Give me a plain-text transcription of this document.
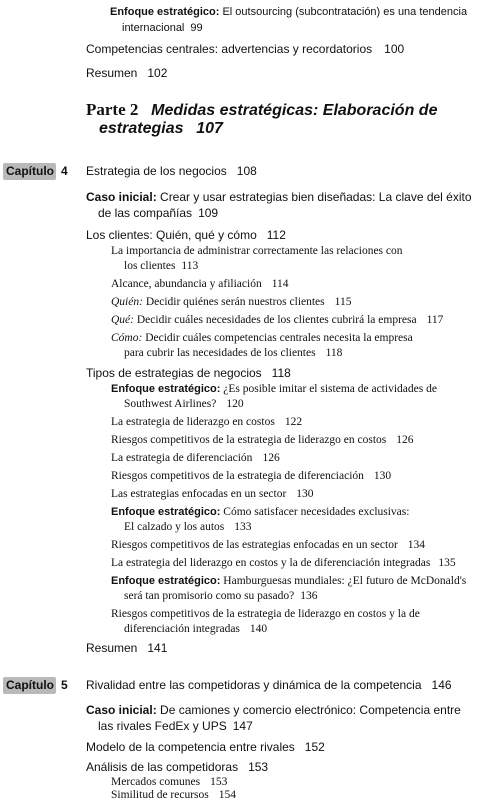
Enfoque estratégico: El outsourcing (subcontratación) es una tendencia
internacional 99
Competencias centrales: advertencias y recordatorios 100
Resumen 102
Parte 2 Medidas estratégicas: Elaboración de
estrategias 107
Capítulo 4 Estrategia de los negocios 108
Caso inicial: Crear y usar estrategias bien diseñadas: La clave del éxito
de las compañías 109
Los clientes: Quién, qué y cómo 112
La importancia de administrar correctamente las relaciones con
los clientes 113
Alcance, abundancia y afiliación 114
Quién: Decidir quiénes serán nuestros clientes 115
Qué: Decidir cuáles necesidades de los clientes cubrirá la empresa 117
Cómo: Decidir cuáles competencias centrales necesita la empresa
para cubrir las necesidades de los clientes 118
Tipos de estrategias de negocios 118
Enfoque estratégico: ¿Es posible imitar el sistema de actividades de
Southwest Airlines? 120
La estrategia de liderazgo en costos 122
Riesgos competitivos de la estrategia de liderazgo en costos 126
La estrategia de diferenciación 126
Riesgos competitivos de la estrategia de diferenciación 130
Las estrategias enfocadas en un sector 130
Enfoque estratégico: Cómo satisfacer necesidades exclusivas:
El calzado y los autos 133
Riesgos competitivos de las estrategias enfocadas en un sector 134
La estrategia del liderazgo en costos y la de diferenciación integradas 135
Enfoque estratégico: Hamburguesas mundiales: ¿El futuro de McDonald's
será tan promisorio como su pasado? 136
Riesgos competitivos de la estrategia de liderazgo en costos y la de
diferenciación integradas 140
Resumen 141
Capítulo 5 Rivalidad entre las competidoras y dinámica de la competencia 146
Caso inicial: De camiones y comercio electrónico: Competencia entre
las rivales FedEx y UPS 147
Modelo de la competencia entre rivales 152
Análisis de las competidoras 153
Mercados comunes 153
Similitud de recursos 154
